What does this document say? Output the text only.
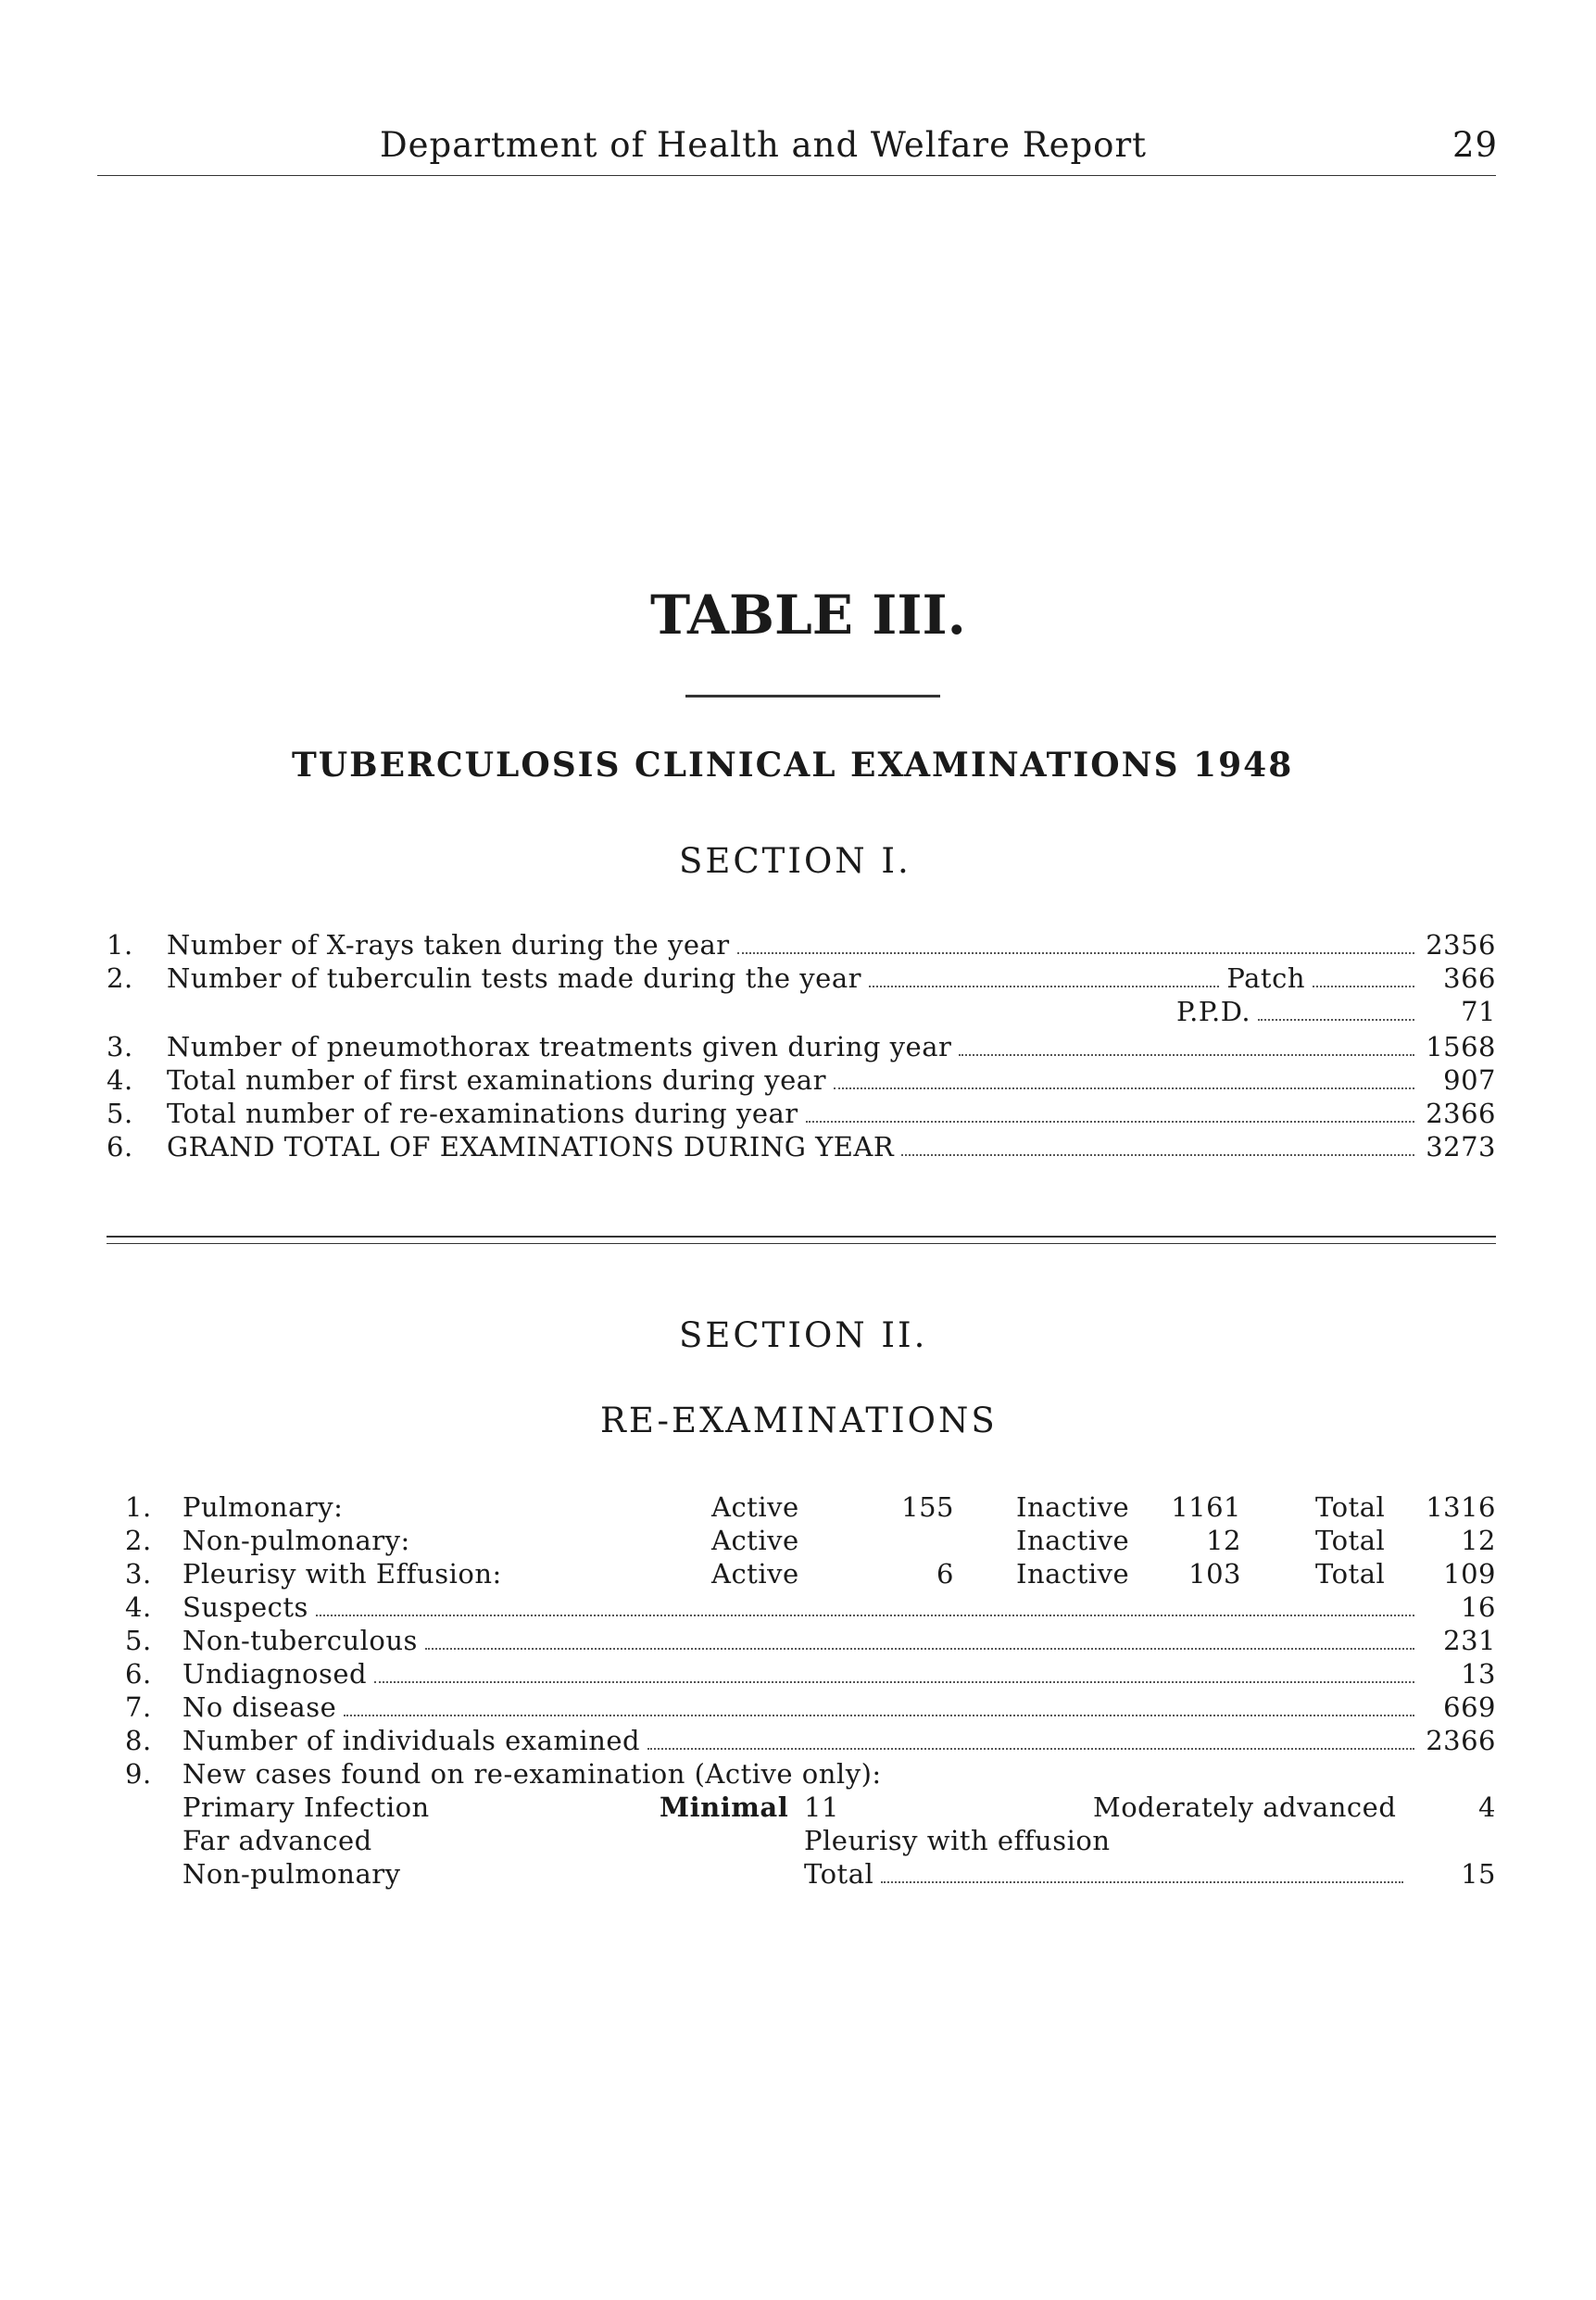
Department of Health and Welfare Report	29
TABLE III.
TUBERCULOSIS CLINICAL EXAMINATIONS 1948
SECTION I.
1.	Number of X-rays taken during the year	2356
2.	Number of tuberculin tests made during the year	Patch	366
P.P.D.	71
3.	Number of pneumothorax treatments given during year	1568
4.	Total number of first examinations during year	907
5.	Total number of re-examinations during year	2366
6.	GRAND TOTAL OF EXAMINATIONS DURING YEAR	3273
SECTION II.
RE-EXAMINATIONS
1. Pulmonary:	Active	155 Inactive	1161	Total	1316
2. Non-pulmonary:	Active	Inactive	12	Total	12
3. Pleurisy with Effusion:	Active	6 Inactive	103	Total	109
4.	Suspects	16
5.	Non-tuberculous	231
6.	Undiagnosed	13
7.	No disease	669
8.	Number of individuals examined	2366
9. New cases found on re-examination (Active only):
Primary Infection	Minimal 11	Moderately advanced	4
Far advanced	Pleurisy with effusion
Non-pulmonary	Total	15
